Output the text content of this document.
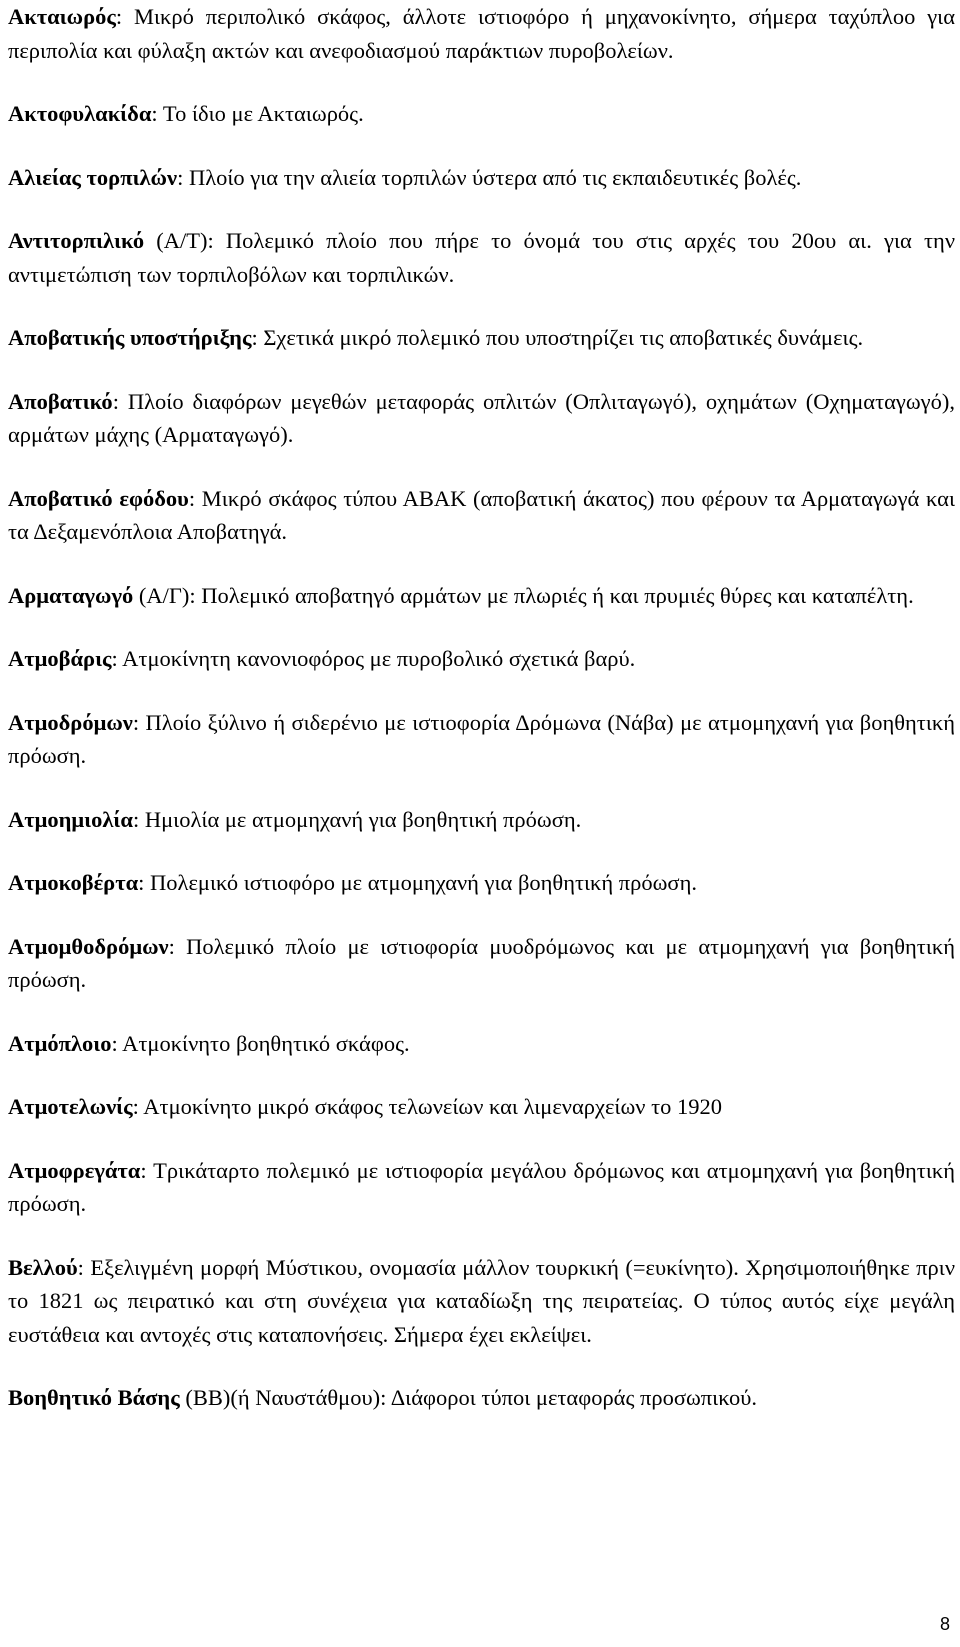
Ακταιωρός: Μικρό περιπολικό σκάφος, άλλοτε ιστιοφόρο ή μηχανοκίνητο, σήμερα ταχύπλοο για περιπολία και φύλαξη ακτών και ανεφοδιασμού παράκτιων πυροβολείων.

Ακτοφυλακίδα: Το ίδιο με Ακταιωρός.

Αλιείας τορπιλών: Πλοίο για την αλιεία τορπιλών ύστερα από τις εκπαιδευτικές βολές.

Αντιτορπιλικό (Α/Τ): Πολεμικό πλοίο που πήρε το όνομά του στις αρχές του 20ου αι. για την αντιμετώπιση των τορπιλοβόλων και τορπιλικών.

Αποβατικής υποστήριξης: Σχετικά μικρό πολεμικό που υποστηρίζει τις αποβατικές δυνάμεις.

Αποβατικό: Πλοίο διαφόρων μεγεθών μεταφοράς οπλιτών (Οπλιταγωγό), οχημάτων (Οχηματαγωγό), αρμάτων μάχης (Αρματαγωγό).

Αποβατικό εφόδου: Μικρό σκάφος τύπου ΑΒΑΚ (αποβατική άκατος) που φέρουν τα Αρματαγωγά και τα Δεξαμενόπλοια Αποβατηγά.

Αρματαγωγό (Α/Γ): Πολεμικό αποβατηγό αρμάτων με πλωριές ή και πρυμιές θύρες και καταπέλτη.

Ατμοβάρις: Ατμοκίνητη κανονιοφόρος με πυροβολικό σχετικά βαρύ.

Ατμοδρόμων: Πλοίο ξύλινο ή σιδερένιο με ιστιοφορία Δρόμωνα (Νάβα) με ατμομηχανή για βοηθητική πρόωση.

Ατμοημιολία: Ημιολία με ατμομηχανή για βοηθητική πρόωση.

Ατμοκοβέρτα: Πολεμικό ιστιοφόρο με ατμομηχανή για βοηθητική πρόωση.

Ατμομθοδρόμων: Πολεμικό πλοίο με ιστιοφορία μυοδρόμωνος και με ατμομηχανή για βοηθητική πρόωση.

Ατμόπλοιο: Ατμοκίνητο βοηθητικό σκάφος.

Ατμοτελωνίς: Ατμοκίνητο μικρό σκάφος τελωνείων και λιμεναρχείων το 1920

Ατμοφρεγάτα: Τρικάταρτο πολεμικό με ιστιοφορία μεγάλου δρόμωνος και ατμομηχανή για βοηθητική πρόωση.

Βελλού: Εξελιγμένη μορφή Μύστικου, ονομασία μάλλον τουρκική (=ευκίνητο). Χρησιμοποιήθηκε πριν το 1821 ως πειρατικό και στη συνέχεια για καταδίωξη της πειρατείας. Ο τύπος αυτός είχε μεγάλη ευστάθεια και αντοχές στις καταπονήσεις. Σήμερα έχει εκλείψει.

Βοηθητικό Βάσης (ΒΒ)(ή Ναυστάθμου): Διάφοροι τύποι μεταφοράς προσωπικού.

8
